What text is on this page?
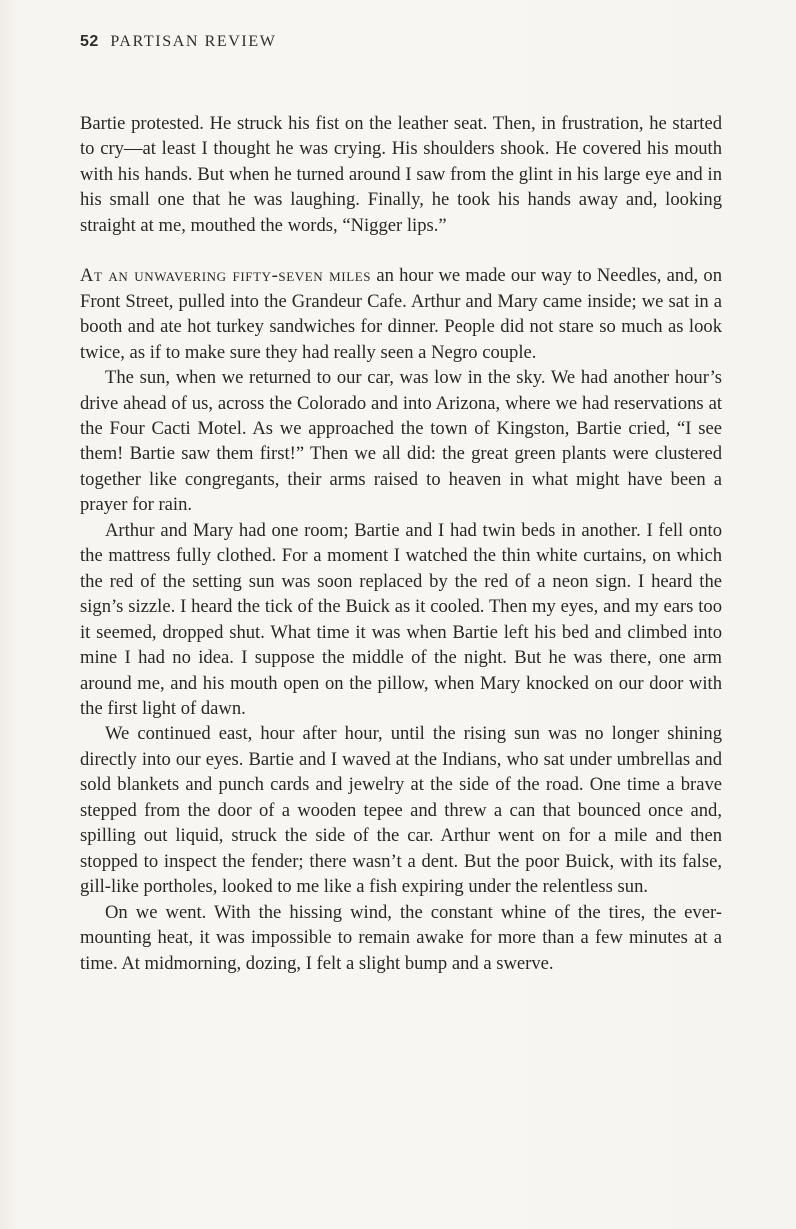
52 PARTISAN REVIEW

Bartie protested. He struck his fist on the leather seat. Then, in frustration, he started to cry—at least I thought he was crying. His shoulders shook. He covered his mouth with his hands. But when he turned around I saw from the glint in his large eye and in his small one that he was laughing. Finally, he took his hands away and, looking straight at me, mouthed the words, “Nigger lips.”

At an unwavering fifty-seven miles an hour we made our way to Needles, and, on Front Street, pulled into the Grandeur Cafe. Arthur and Mary came inside; we sat in a booth and ate hot turkey sandwiches for dinner. People did not stare so much as look twice, as if to make sure they had really seen a Negro couple.

The sun, when we returned to our car, was low in the sky. We had another hour’s drive ahead of us, across the Colorado and into Arizona, where we had reservations at the Four Cacti Motel. As we approached the town of Kingston, Bartie cried, “I see them! Bartie saw them first!” Then we all did: the great green plants were clustered together like congregants, their arms raised to heaven in what might have been a prayer for rain.

Arthur and Mary had one room; Bartie and I had twin beds in another. I fell onto the mattress fully clothed. For a moment I watched the thin white curtains, on which the red of the setting sun was soon replaced by the red of a neon sign. I heard the sign’s sizzle. I heard the tick of the Buick as it cooled. Then my eyes, and my ears too it seemed, dropped shut. What time it was when Bartie left his bed and climbed into mine I had no idea. I suppose the middle of the night. But he was there, one arm around me, and his mouth open on the pillow, when Mary knocked on our door with the first light of dawn.

We continued east, hour after hour, until the rising sun was no longer shining directly into our eyes. Bartie and I waved at the Indians, who sat under umbrellas and sold blankets and punch cards and jewelry at the side of the road. One time a brave stepped from the door of a wooden tepee and threw a can that bounced once and, spilling out liquid, struck the side of the car. Arthur went on for a mile and then stopped to inspect the fender; there wasn’t a dent. But the poor Buick, with its false, gill-like portholes, looked to me like a fish expiring under the relentless sun.

On we went. With the hissing wind, the constant whine of the tires, the ever-mounting heat, it was impossible to remain awake for more than a few minutes at a time. At midmorning, dozing, I felt a slight bump and a swerve.
